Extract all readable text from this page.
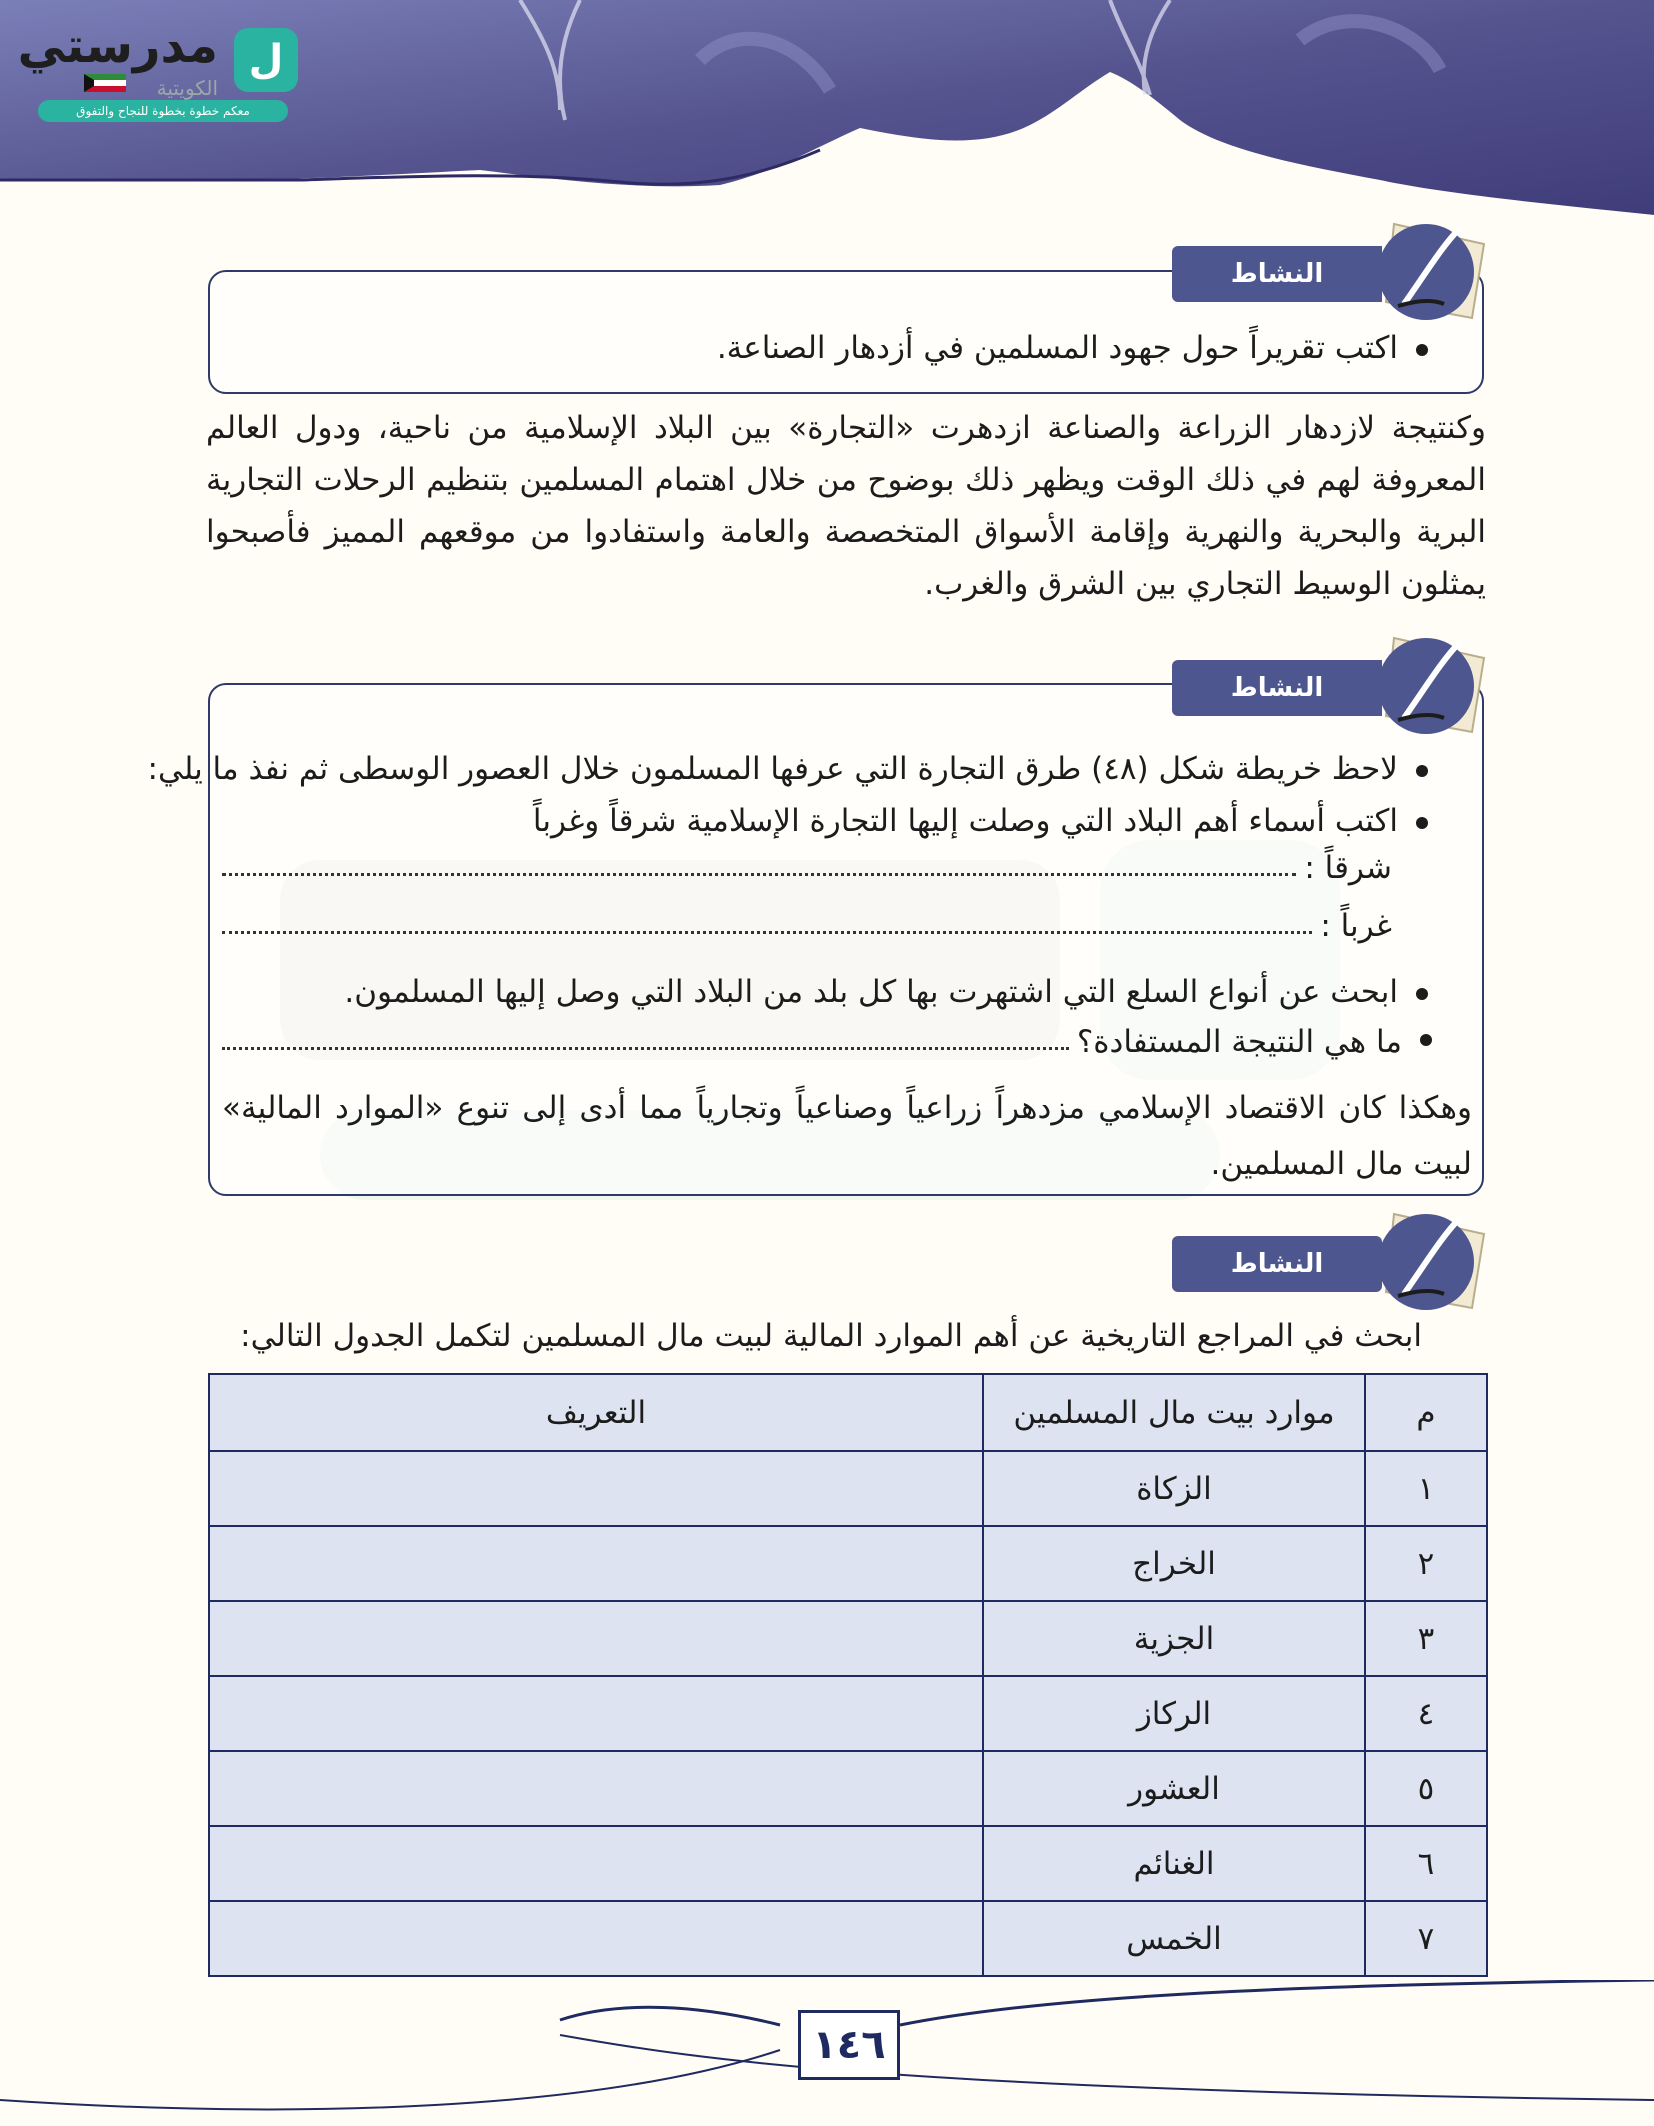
ل
مدرستي
الكويتية
معكم خطوة بخطوة للنجاح والتفوق
النشاط
اكتب تقريراً حول جهود المسلمين في أزدهار الصناعة.
وكنتيجة لازدهار الزراعة والصناعة ازدهرت «التجارة» بين البلاد الإسلامية من ناحية، ودول العالم المعروفة لهم في ذلك الوقت ويظهر ذلك بوضوح من خلال اهتمام المسلمين بتنظيم الرحلات التجارية البرية والبحرية والنهرية وإقامة الأسواق المتخصصة والعامة واستفادوا من موقعهم المميز فأصبحوا يمثلون الوسيط التجاري بين الشرق والغرب.
النشاط
لاحظ خريطة شكل (٤٨) طرق التجارة التي عرفها المسلمون خلال العصور الوسطى ثم نفذ ما يلي:
اكتب أسماء أهم البلاد التي وصلت إليها التجارة الإسلامية شرقاً وغرباً
شرقاً :
غرباً :
ابحث عن أنواع السلع التي اشتهرت بها كل بلد من البلاد التي وصل إليها المسلمون.
ما هي النتيجة المستفادة؟
وهكذا كان الاقتصاد الإسلامي مزدهراً زراعياً وصناعياً وتجارياً مما أدى إلى تنوع «الموارد المالية» لبيت مال المسلمين.
النشاط
ابحث في المراجع التاريخية عن أهم الموارد المالية لبيت مال المسلمين لتكمل الجدول التالي:
م	موارد بيت مال المسلمين	التعريف
١	الزكاة	
٢	الخراج	
٣	الجزية	
٤	الركاز	
٥	العشور	
٦	الغنائم	
٧	الخمس	
١٤٦
